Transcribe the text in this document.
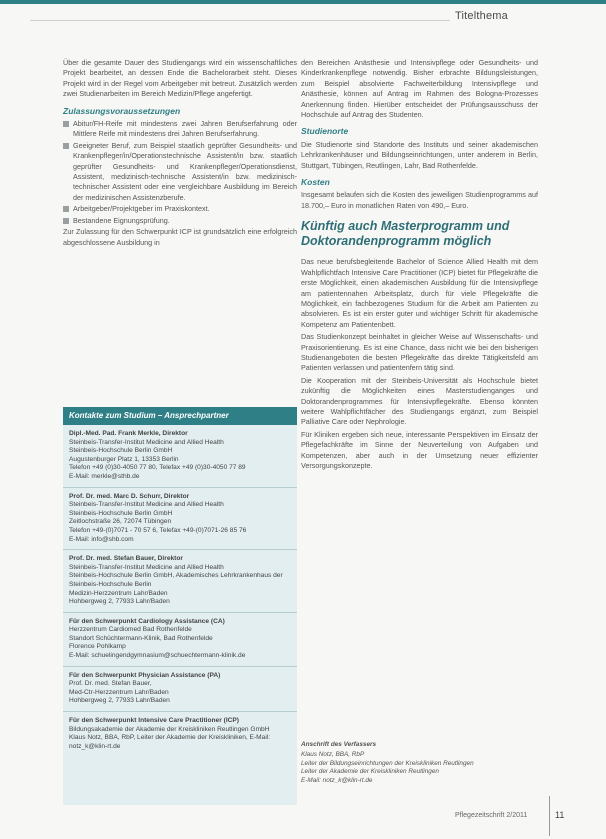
Titelthema

Über die gesamte Dauer des Studiengangs wird ein wissenschaftliches Projekt bearbeitet, an dessen Ende die Bachelorarbeit steht. Dieses Projekt wird in der Regel vom Arbeitgeber mit betreut. Zusätzlich werden zwei Studienarbeiten im Bereich Medizin/Pflege angefertigt.

Zulassungsvoraussetzungen
Abitur/FH-Reife mit mindestens zwei Jahren Berufserfahrung oder Mittlere Reife mit mindestens drei Jahren Berufserfahrung.
Geeigneter Beruf, zum Beispiel staatlich geprüfter Gesundheits- und Krankenpfleger/in/Operationstechnische Assistent/in bzw. staatlich geprüfter Gesundheits- und Krankenpfleger/Operationsdienst, Assistent, medizinisch-technische Assistent/in bzw. medizinisch-technischer Assistent oder eine vergleichbare Ausbildung im Bereich der medizinischen Assistenzberufe.
Arbeitgeber/Projektgeber im Praxiskontext.
Bestandene Eignungsprüfung.

Zur Zulassung für den Schwerpunkt ICP ist grundsätzlich eine erfolgreich abgeschlossene Ausbildung in

Kontakte zum Studium – Ansprechpartner
Dipl.-Med. Pad. Frank Merkle, Direktor
Steinbeis-Transfer-Institut Medicine and Allied Health
Steinbeis-Hochschule Berlin GmbH
Augustenburger Platz 1, 13353 Berlin
Telefon +49 (0)30-4050 77 80, Telefax +49 (0)30-4050 77 89
E-Mail: merkle@sthb.de
Prof. Dr. med. Marc D. Schurr, Direktor
Steinbeis-Transfer-Institut Medicine and Allied Health
Steinbeis-Hochschule Berlin GmbH
Zeitlochstraße 26, 72074 Tübingen
Telefon +49-(0)7071 - 70 57 6, Telefax +49-(0)7071-26 85 76
E-Mail: info@shb.com
Prof. Dr. med. Stefan Bauer, Direktor
Steinbeis-Transfer-Institut Medicine and Allied Health
Steinbeis-Hochschule Berlin GmbH, Akademisches Lehrkrankenhaus der Steinbeis-Hochschule Berlin
Medizin-Herzzentrum Lahr/Baden
Hohbergweg 2, 77933 Lahr/Baden
Für den Schwerpunkt Cardiology Assistance (CA)
Herzzentrum Cardiomed Bad Rothenfelde
Standort Schüchtermann-Klinik, Bad Rothenfelde
Florence Pohlkamp
E-Mail: schuelingendgymnasium@schuechtermann-klinik.de
Für den Schwerpunkt Physician Assistance (PA)
Prof. Dr. med. Stefan Bauer,
Med-Ctr-Herzzentrum Lahr/Baden
Hohbergweg 2, 77933 Lahr/Baden
Für den Schwerpunkt Intensive Care Practitioner (ICP)
Bildungsakademie der Akademie der Kreiskliniken Reutlingen GmbH
Klaus Notz, BBA, RbP, Leiter der Akademie der Kreiskliniken, E-Mail: notz_k@klin-rt.de

den Bereichen Anästhesie und Intensivpflege oder Gesundheits- und Kinderkrankenpflege notwendig. Bisher erbrachte Bildungsleistungen, zum Beispiel absolvierte Fachweiterbildung Intensivpflege und Anästhesie, können auf Antrag im Rahmen des Bologna-Prozesses Anerkennung finden. Hierüber entscheidet der Prüfungsausschuss der Hochschule auf Antrag des Studenten.

Studienorte

Die Studienorte sind Standorte des Instituts und seiner akademischen Lehrkrankenhäuser und Bildungseinrichtungen, unter anderem in Berlin, Stuttgart, Tübingen, Reutlingen, Lahr, Bad Rothenfelde.

Kosten

Insgesamt belaufen sich die Kosten des jeweiligen Studienprogramms auf 18.700,– Euro in monatlichen Raten von 490,– Euro.

Künftig auch Masterprogramm und Doktorandenprogramm möglich

Das neue berufsbegleitende Bachelor of Science Allied Health mit dem Wahlpflichtfach Intensive Care Practitioner (ICP) bietet für Pflegekräfte die erste Möglichkeit, einen akademischen Ausbildung für die Intensivpflege am patientennahen Arbeitsplatz, durch für viele Pflegekräfte die Möglichkeit, ein fachbezogenes Studium für die Arbeit am Patienten zu absolvieren. Es ist ein erster guter und wichtiger Schritt für akademische Kompetenz am Patientenbett.

Das Studienkonzept beinhaltet in gleicher Weise auf Wissenschafts- und Praxisorientierung. Es ist eine Chance, dass nicht wie bei den bisherigen Studienangeboten die besten Pflegekräfte das direkte Tätigkeitsfeld am Patienten verlassen und patientenfern tätig sind.

Die Kooperation mit der Steinbeis-Universität als Hochschule bietet zukünftig die Möglichkeiten eines Masterstudienganges und Doktorandenprogrammes für Intensivpflegekräfte. Ebenso könnten weitere Wahlpflichtfächer des Studiengangs ergänzt, zum Beispiel Palliative Care oder Nephrologie.

Für Kliniken ergeben sich neue, interessante Perspektiven im Einsatz der Pflegefachkräfte im Sinne der Neuverteilung von Aufgaben und Kompetenzen, aber auch in der Umsetzung neuer effizienter Versorgungskonzepte.

Anschrift des Verfassers
Klaus Notz, BBA, RbP
Leiter der Bildungseinrichtungen der Kreiskliniken Reutlingen
Leiter der Akademie der Kreiskliniken Reutlingen
E-Mail: notz_k@klin-rt.de
Pflegezeitschrift 2/2011	11
